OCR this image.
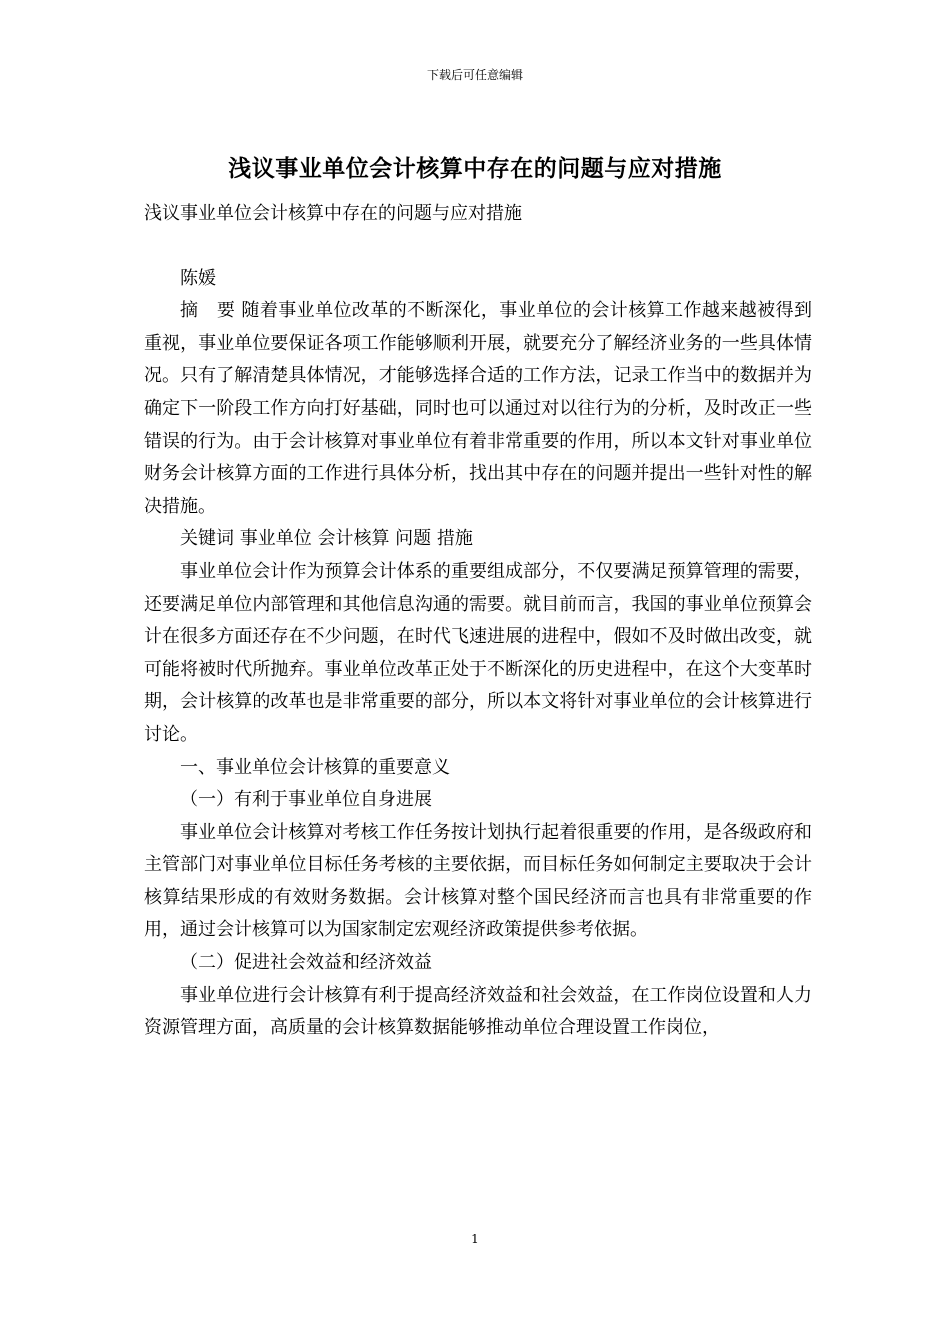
下载后可任意编辑
浅议事业单位会计核算中存在的问题与应对措施

浅议事业单位会计核算中存在的问题与应对措施

陈媛

摘　要 随着事业单位改革的不断深化，事业单位的会计核算工作越来越被得到重视，事业单位要保证各项工作能够顺利开展，就要充分了解经济业务的一些具体情况。只有了解清楚具体情况，才能够选择合适的工作方法，记录工作当中的数据并为确定下一阶段工作方向打好基础，同时也可以通过对以往行为的分析，及时改正一些错误的行为。由于会计核算对事业单位有着非常重要的作用，所以本文针对事业单位财务会计核算方面的工作进行具体分析，找出其中存在的问题并提出一些针对性的解决措施。

关键词 事业单位 会计核算 问题 措施

事业单位会计作为预算会计体系的重要组成部分，不仅要满足预算管理的需要，还要满足单位内部管理和其他信息沟通的需要。就目前而言，我国的事业单位预算会计在很多方面还存在不少问题，在时代飞速进展的进程中，假如不及时做出改变，就可能将被时代所抛弃。事业单位改革正处于不断深化的历史进程中，在这个大变革时期，会计核算的改革也是非常重要的部分，所以本文将针对事业单位的会计核算进行讨论。

一、事业单位会计核算的重要意义

（一）有利于事业单位自身进展

事业单位会计核算对考核工作任务按计划执行起着很重要的作用，是各级政府和主管部门对事业单位目标任务考核的主要依据，而目标任务如何制定主要取决于会计核算结果形成的有效财务数据。会计核算对整个国民经济而言也具有非常重要的作用，通过会计核算可以为国家制定宏观经济政策提供参考依据。

（二）促进社会效益和经济效益

事业单位进行会计核算有利于提高经济效益和社会效益，在工作岗位设置和人力资源管理方面，高质量的会计核算数据能够推动单位合理设置工作岗位，

1
